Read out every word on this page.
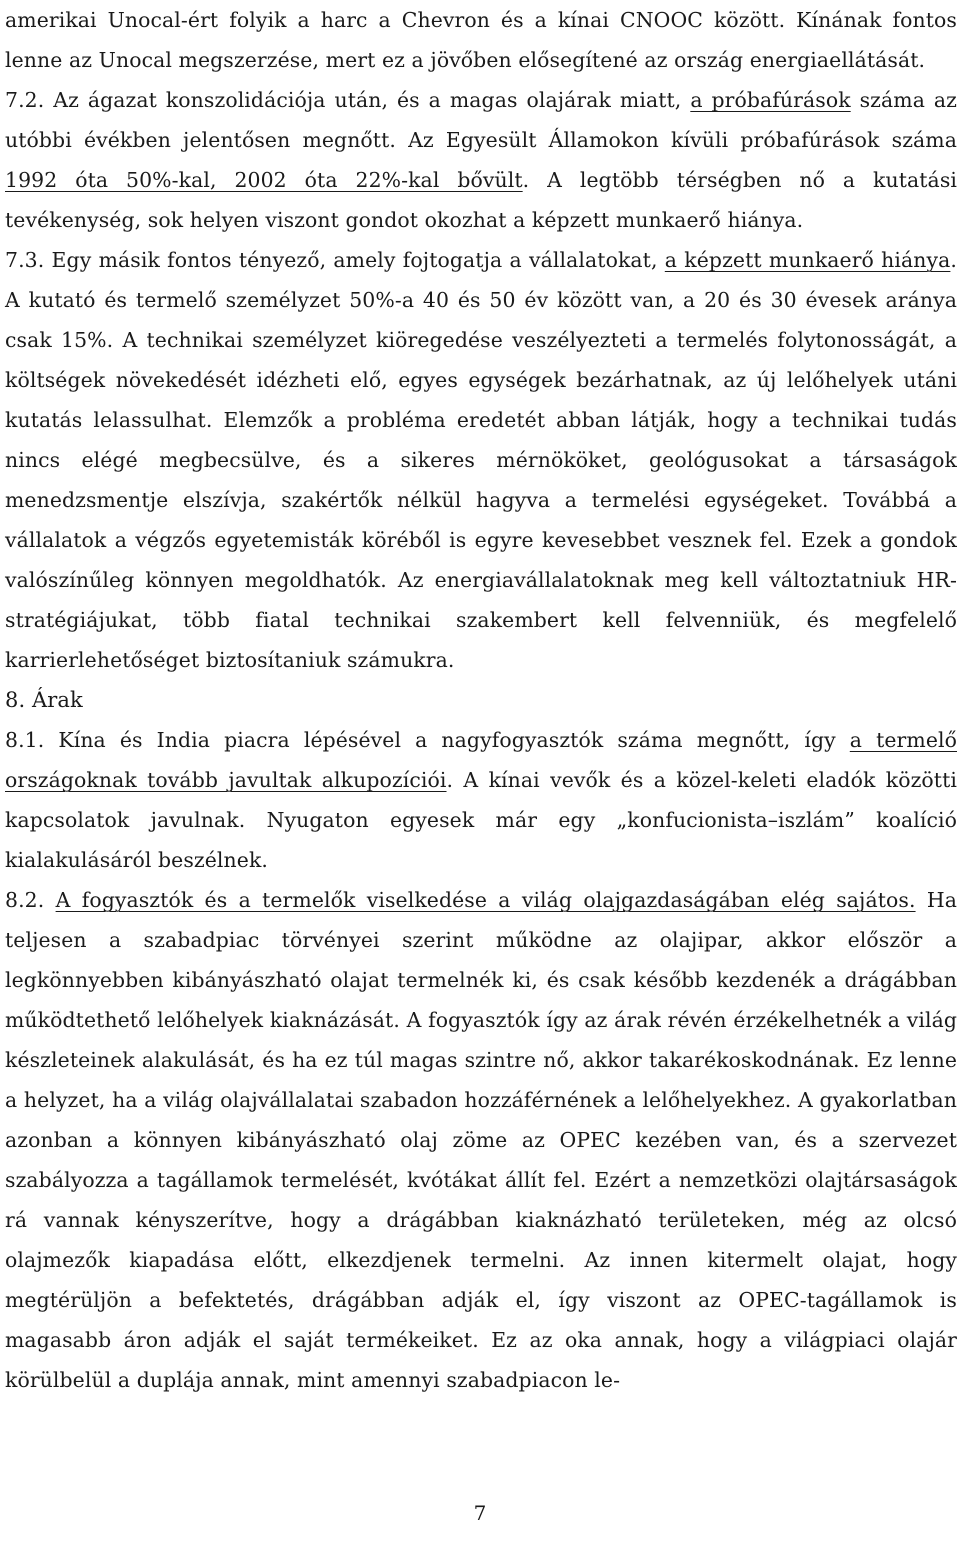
amerikai Unocal-ért folyik a harc a Chevron és a kínai CNOOC között. Kínának fontos lenne az Unocal megszerzése, mert ez a jövőben elősegítené az ország energiaellátását.

7.2. Az ágazat konszolidációja után, és a magas olajárak miatt, a próbafúrások száma az utóbbi évékben jelentősen megnőtt. Az Egyesült Államokon kívüli próbafúrások száma 1992 óta 50%-kal, 2002 óta 22%-kal bővült. A legtöbb térségben nő a kutatási tevékenység, sok helyen viszont gondot okozhat a képzett munkaerő hiánya.

7.3. Egy másik fontos tényező, amely fojtogatja a vállalatokat, a képzett munkaerő hiánya. A kutató és termelő személyzet 50%-a 40 és 50 év között van, a 20 és 30 évesek aránya csak 15%. A technikai személyzet kiöregedése veszélyezteti a termelés folytonosságát, a költségek növekedését idézheti elő, egyes egységek bezárhatnak, az új lelőhelyek utáni kutatás lelassulhat. Elemzők a probléma eredetét abban látják, hogy a technikai tudás nincs elégé megbecsülve, és a sikeres mérnököket, geológusokat a társaságok menedzsmentje elszívja, szakértők nélkül hagyva a termelési egységeket. Továbbá a vállalatok a végzős egyetemisták köréből is egyre kevesebbet vesznek fel. Ezek a gondok valószínűleg könnyen megoldhatók. Az energiavállalatoknak meg kell változtatniuk HR-stratégiájukat, több fiatal technikai szakembert kell felvenniük, és megfelelő karrierlehetőséget biztosítaniuk számukra.

8. Árak

8.1. Kína és India piacra lépésével a nagyfogyasztók száma megnőtt, így a termelő országoknak tovább javultak alkupozíciói. A kínai vevők és a közel-keleti eladók közötti kapcsolatok javulnak. Nyugaton egyesek már egy „konfucionista–iszlám” koalíció kialakulásáról beszélnek.

8.2. A fogyasztók és a termelők viselkedése a világ olajgazdaságában elég sajátos. Ha teljesen a szabadpiac törvényei szerint működne az olajipar, akkor először a legkönnyebben kibányászható olajat termelnék ki, és csak később kezdenék a drágábban működtethető lelőhelyek kiaknázását. A fogyasztók így az árak révén érzékelhetnék a világ készleteinek alakulását, és ha ez túl magas szintre nő, akkor takarékoskodnának. Ez lenne a helyzet, ha a világ olajvállalatai szabadon hozzáférnének a lelőhelyekhez. A gyakorlatban azonban a könnyen kibányászható olaj zöme az OPEC kezében van, és a szervezet szabályozza a tagállamok termelését, kvótákat állít fel. Ezért a nemzetközi olajtársaságok rá vannak kényszerítve, hogy a drágábban kiaknázható területeken, még az olcsó olajmezők kiapadása előtt, elkezdjenek termelni. Az innen kitermelt olajat, hogy megtérüljön a befektetés, drágábban adják el, így viszont az OPEC-tagállamok is magasabb áron adják el saját termékeiket. Ez az oka annak, hogy a világpiaci olajár körülbelül a duplája annak, mint amennyi szabadpiacon le-

7
